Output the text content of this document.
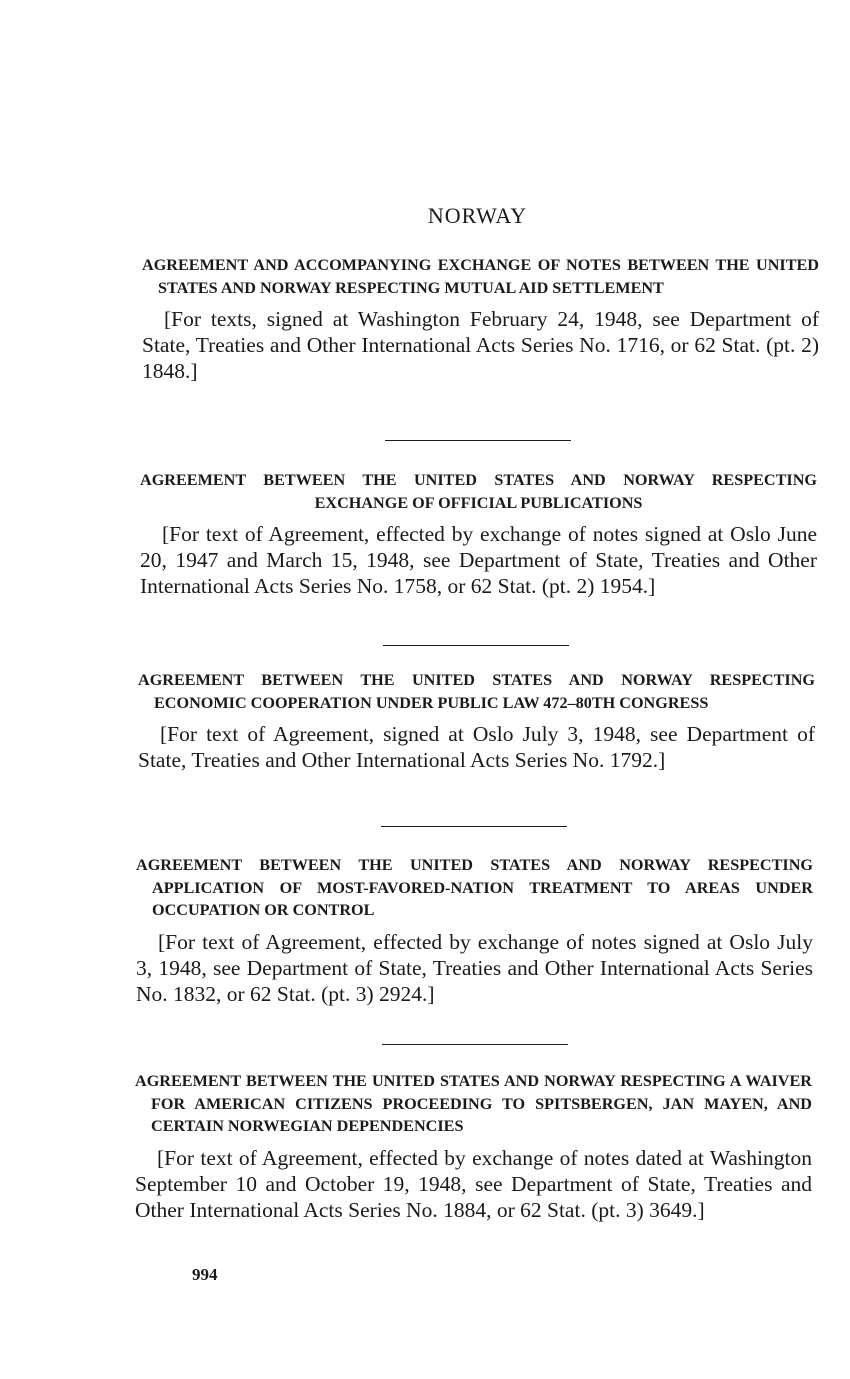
NORWAY
AGREEMENT AND ACCOMPANYING EXCHANGE OF NOTES BETWEEN THE UNITED STATES AND NORWAY RESPECTING MUTUAL AID SETTLEMENT
[For texts, signed at Washington February 24, 1948, see Department of State, Treaties and Other International Acts Series No. 1716, or 62 Stat. (pt. 2) 1848.]
AGREEMENT BETWEEN THE UNITED STATES AND NORWAY RESPECTING EXCHANGE OF OFFICIAL PUBLICATIONS
[For text of Agreement, effected by exchange of notes signed at Oslo June 20, 1947 and March 15, 1948, see Department of State, Treaties and Other International Acts Series No. 1758, or 62 Stat. (pt. 2) 1954.]
AGREEMENT BETWEEN THE UNITED STATES AND NORWAY RESPECTING ECONOMIC COOPERATION UNDER PUBLIC LAW 472–80TH CONGRESS
[For text of Agreement, signed at Oslo July 3, 1948, see Department of State, Treaties and Other International Acts Series No. 1792.]
AGREEMENT BETWEEN THE UNITED STATES AND NORWAY RESPECTING APPLICATION OF MOST-FAVORED-NATION TREATMENT TO AREAS UNDER OCCUPATION OR CONTROL
[For text of Agreement, effected by exchange of notes signed at Oslo July 3, 1948, see Department of State, Treaties and Other International Acts Series No. 1832, or 62 Stat. (pt. 3) 2924.]
AGREEMENT BETWEEN THE UNITED STATES AND NORWAY RESPECTING A WAIVER FOR AMERICAN CITIZENS PROCEEDING TO SPITSBERGEN, JAN MAYEN, AND CERTAIN NORWEGIAN DEPENDENCIES
[For text of Agreement, effected by exchange of notes dated at Washington September 10 and October 19, 1948, see Department of State, Treaties and Other International Acts Series No. 1884, or 62 Stat. (pt. 3) 3649.]
994
